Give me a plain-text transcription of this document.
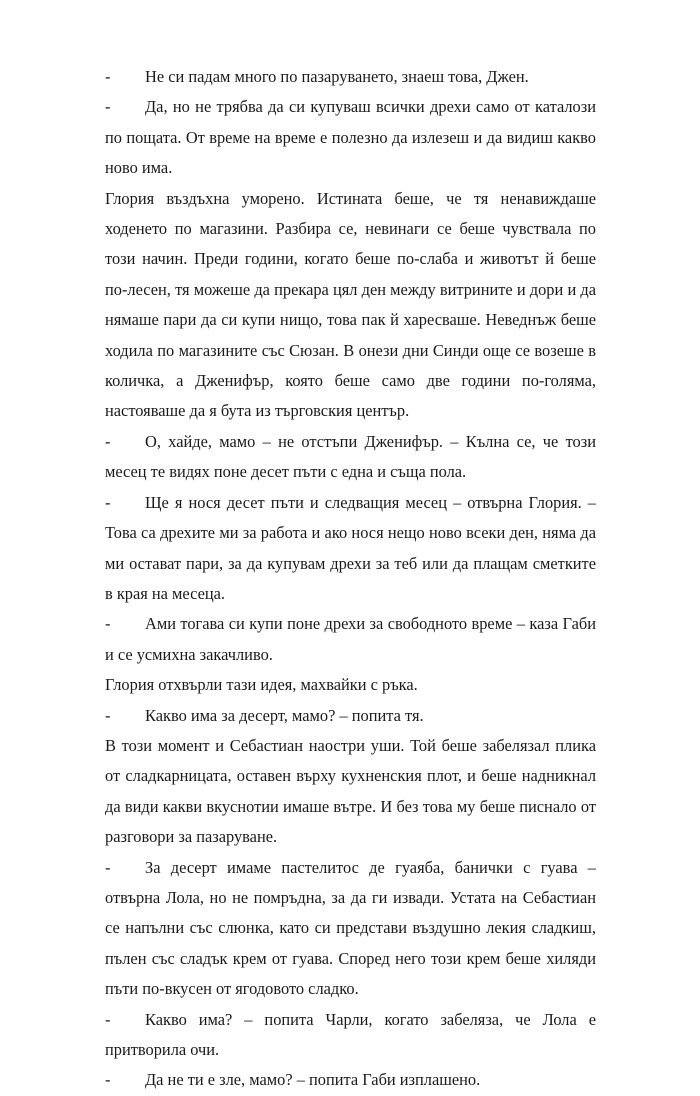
- Не си падам много по пазаруването, знаеш това, Джен.

- Да, но не трябва да си купуваш всички дрехи само от каталози по пощата. От време на време е полезно да излезеш и да видиш какво ново има.

Глория въздъхна уморено. Истината беше, че тя ненавиждаше ходенето по магазини. Разбира се, невинаги се беше чувствала по този начин. Преди години, когато беше по-слаба и животът й беше по-лесен, тя можеше да прекара цял ден между витрините и дори и да нямаше пари да си купи нищо, това пак й харесваше. Неведнъж беше ходила по магазините със Сюзан. В онези дни Синди още се возеше в количка, а Дженифър, която беше само две години по-голяма, настояваше да я бута из търговския център.

- О, хайде, мамо – не отстъпи Дженифър. – Кълна се, че този месец те видях поне десет пъти с една и съща пола.

- Ще я нося десет пъти и следващия месец – отвърна Глория. – Това са дрехите ми за работа и ако нося нещо ново всеки ден, няма да ми остават пари, за да купувам дрехи за теб или да плащам сметките в края на месеца.

- Ами тогава си купи поне дрехи за свободното време – каза Габи и се усмихна закачливо.

Глория отхвърли тази идея, махвайки с ръка.

- Какво има за десерт, мамо? – попита тя.

В този момент и Себастиан наостри уши. Той беше забелязал плика от сладкарницата, оставен върху кухненския плот, и беше надникнал да види какви вкуснотии имаше вътре. И без това му беше писнало от разговори за пазаруване.

- За десерт имаме пастелитос де гуаяба, банички с гуава – отвърна Лола, но не помръдна, за да ги извади. Устата на Себастиан се напълни със слюнка, като си представи въздушно лекия сладкиш, пълен със сладък крем от гуава. Според него този крем беше хиляди пъти по-вкусен от ягодовото сладко.

- Какво има? – попита Чарли, когато забеляза, че Лола е притворила очи.

- Да не ти е зле, мамо? – попита Габи изплашено.
